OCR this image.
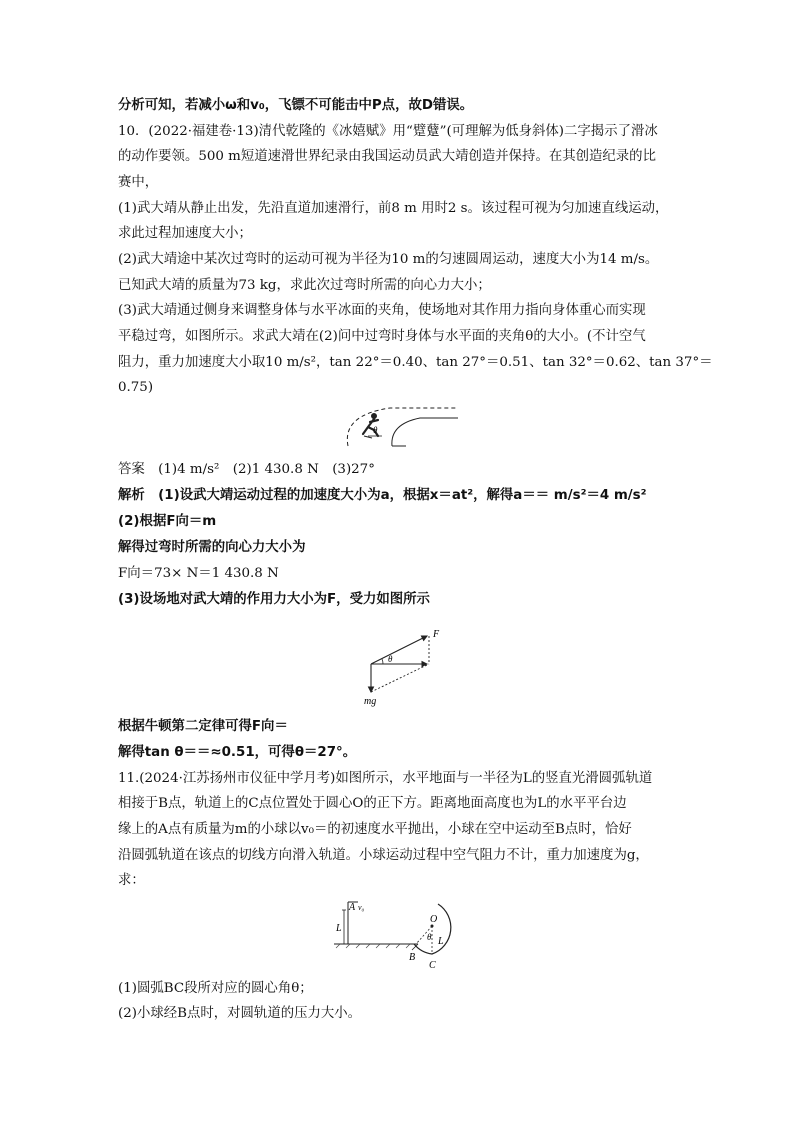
分析可知，若减小ω和v₀，飞镖不可能击中P点，故D错误。
10．(2022·福建卷·13)清代乾隆的《冰嬉赋》用“躄躠”(可理解为低身斜体)二字揭示了滑冰
的动作要领。500 m短道速滑世界纪录由我国运动员武大靖创造并保持。在其创造纪录的比
赛中，
(1)武大靖从静止出发，先沿直道加速滑行，前8 m 用时2 s。该过程可视为匀加速直线运动，
求此过程加速度大小；
(2)武大靖途中某次过弯时的运动可视为半径为10 m的匀速圆周运动，速度大小为14 m/s。
已知武大靖的质量为73 kg，求此次过弯时所需的向心力大小；
(3)武大靖通过侧身来调整身体与水平冰面的夹角，使场地对其作用力指向身体重心而实现
平稳过弯，如图所示。求武大靖在(2)问中过弯时身体与水平面的夹角θ的大小。(不计空气
阻力，重力加速度大小取10 m/s²，tan 22°＝0.40、tan 27°＝0.51、tan 32°＝0.62、tan 37°＝
0.75)
θ
答案　(1)4 m/s²　(2)1 430.8 N　(3)27°
解析　(1)设武大靖运动过程的加速度大小为a，根据x＝at²，解得a＝＝ m/s²＝4 m/s²
(2)根据F向＝m
解得过弯时所需的向心力大小为
F向＝73× N＝1 430.8 N
(3)设场地对武大靖的作用力大小为F，受力如图所示
F
θ
mg
根据牛顿第二定律可得F向＝
解得tan θ＝＝≈0.51，可得θ＝27°。
11.(2024·江苏扬州市仪征中学月考)如图所示，水平地面与一半径为L的竖直光滑圆弧轨道
相接于B点，轨道上的C点位置处于圆心O的正下方。距离地面高度也为L的水平平台边
缘上的A点有质量为m的小球以v₀＝的初速度水平抛出，小球在空中运动至B点时，恰好
沿圆弧轨道在该点的切线方向滑入轨道。小球运动过程中空气阻力不计，重力加速度为g，
求：
A v₀
L
O
θ L
B
C
(1)圆弧BC段所对应的圆心角θ；
(2)小球经B点时，对圆轨道的压力大小。
